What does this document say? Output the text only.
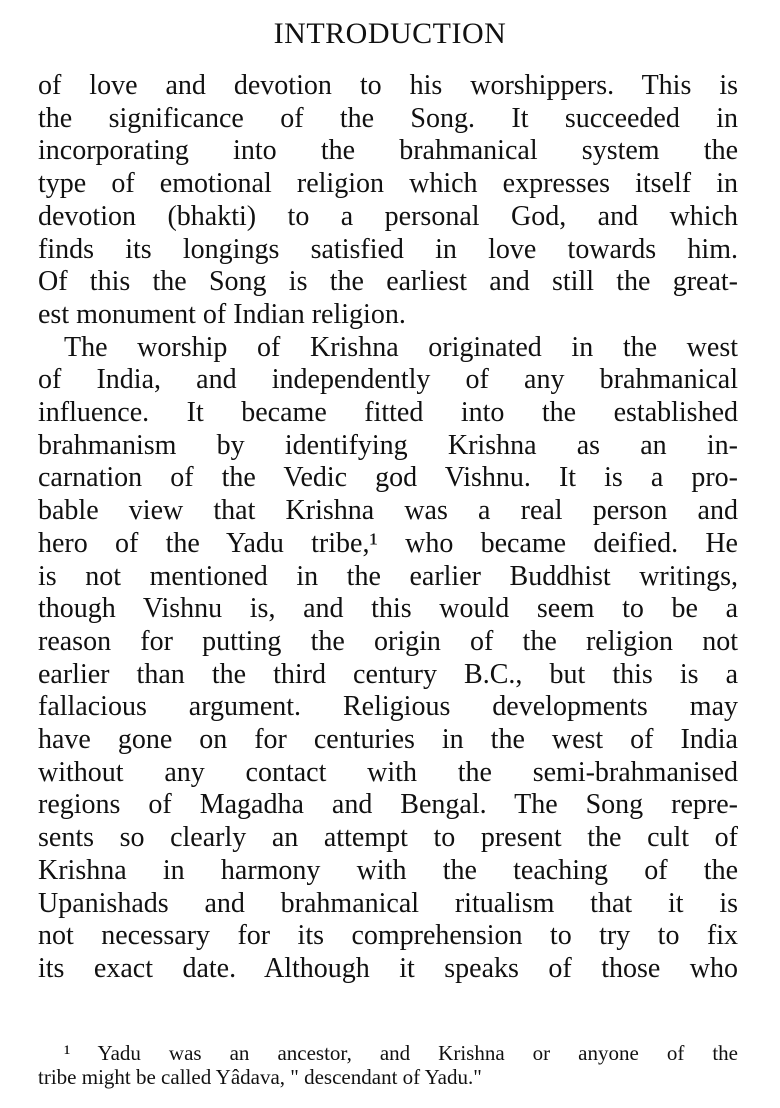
INTRODUCTION
of love and devotion to his worshippers. This is
the significance of the Song. It succeeded in
incorporating into the brahmanical system the
type of emotional religion which expresses itself in
devotion (bhakti) to a personal God, and which
finds its longings satisfied in love towards him.
Of this the Song is the earliest and still the great-
est monument of Indian religion.
The worship of Krishna originated in the west
of India, and independently of any brahmanical
influence. It became fitted into the established
brahmanism by identifying Krishna as an in-
carnation of the Vedic god Vishnu. It is a pro-
bable view that Krishna was a real person and
hero of the Yadu tribe,¹ who became deified. He
is not mentioned in the earlier Buddhist writings,
though Vishnu is, and this would seem to be a
reason for putting the origin of the religion not
earlier than the third century B.C., but this is a
fallacious argument. Religious developments may
have gone on for centuries in the west of India
without any contact with the semi-brahmanised
regions of Magadha and Bengal. The Song repre-
sents so clearly an attempt to present the cult of
Krishna in harmony with the teaching of the
Upanishads and brahmanical ritualism that it is
not necessary for its comprehension to try to fix
its exact date. Although it speaks of those who
¹ Yadu was an ancestor, and Krishna or anyone of the
tribe might be called Yâdava, " descendant of Yadu."
